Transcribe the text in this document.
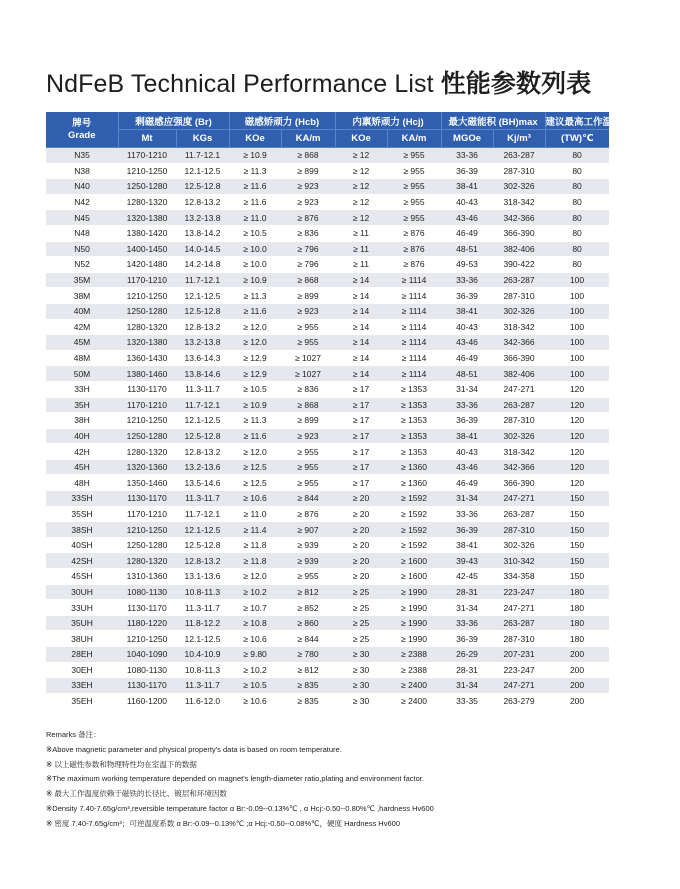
NdFeB Technical Performance List 性能参数列表
牌号
Grade	剩磁感应强度 (Br)		磁感矫顽力 (Hcb)		内禀矫顽力 (Hcj)		最大磁能积 (BH)max		建议最高工作温度
	Mt	KGs	KOe	KA/m	KOe	KA/m	MGOe	Kj/m³	(TW)℃
N35	1170-1210	11.7-12.1	≥ 10.9	≥ 868	≥ 12	≥ 955	33-36	263-287	80
N38	1210-1250	12.1-12.5	≥ 11.3	≥ 899	≥ 12	≥ 955	36-39	287-310	80
N40	1250-1280	12.5-12.8	≥ 11.6	≥ 923	≥ 12	≥ 955	38-41	302-326	80
N42	1280-1320	12.8-13.2	≥ 11.6	≥ 923	≥ 12	≥ 955	40-43	318-342	80
N45	1320-1380	13.2-13.8	≥ 11.0	≥ 876	≥ 12	≥ 955	43-46	342-366	80
N48	1380-1420	13.8-14.2	≥ 10.5	≥ 836	≥ 11	≥ 876	46-49	366-390	80
N50	1400-1450	14.0-14.5	≥ 10.0	≥ 796	≥ 11	≥ 876	48-51	382-406	80
N52	1420-1480	14.2-14.8	≥ 10.0	≥ 796	≥ 11	≥ 876	49-53	390-422	80
35M	1170-1210	11.7-12.1	≥ 10.9	≥ 868	≥ 14	≥ 1114	33-36	263-287	100
38M	1210-1250	12.1-12.5	≥ 11.3	≥ 899	≥ 14	≥ 1114	36-39	287-310	100
40M	1250-1280	12.5-12.8	≥ 11.6	≥ 923	≥ 14	≥ 1114	38-41	302-326	100
42M	1280-1320	12.8-13.2	≥ 12.0	≥ 955	≥ 14	≥ 1114	40-43	318-342	100
45M	1320-1380	13.2-13.8	≥ 12.0	≥ 955	≥ 14	≥ 1114	43-46	342-366	100
48M	1360-1430	13.6-14.3	≥ 12.9	≥ 1027	≥ 14	≥ 1114	46-49	366-390	100
50M	1380-1460	13.8-14.6	≥ 12.9	≥ 1027	≥ 14	≥ 1114	48-51	382-406	100
33H	1130-1170	11.3-11.7	≥ 10.5	≥ 836	≥ 17	≥ 1353	31-34	247-271	120
35H	1170-1210	11.7-12.1	≥ 10.9	≥ 868	≥ 17	≥ 1353	33-36	263-287	120
38H	1210-1250	12.1-12.5	≥ 11.3	≥ 899	≥ 17	≥ 1353	36-39	287-310	120
40H	1250-1280	12.5-12.8	≥ 11.6	≥ 923	≥ 17	≥ 1353	38-41	302-326	120
42H	1280-1320	12.8-13.2	≥ 12.0	≥ 955	≥ 17	≥ 1353	40-43	318-342	120
45H	1320-1360	13.2-13.6	≥ 12.5	≥ 955	≥ 17	≥ 1360	43-46	342-366	120
48H	1350-1460	13.5-14.6	≥ 12.5	≥ 955	≥ 17	≥ 1360	46-49	366-390	120
33SH	1130-1170	11.3-11.7	≥ 10.6	≥ 844	≥ 20	≥ 1592	31-34	247-271	150
35SH	1170-1210	11.7-12.1	≥ 11.0	≥ 876	≥ 20	≥ 1592	33-36	263-287	150
38SH	1210-1250	12.1-12.5	≥ 11.4	≥ 907	≥ 20	≥ 1592	36-39	287-310	150
40SH	1250-1280	12.5-12.8	≥ 11.8	≥ 939	≥ 20	≥ 1592	38-41	302-326	150
42SH	1280-1320	12.8-13.2	≥ 11.8	≥ 939	≥ 20	≥ 1600	39-43	310-342	150
45SH	1310-1360	13.1-13.6	≥ 12.0	≥ 955	≥ 20	≥ 1600	42-45	334-358	150
30UH	1080-1130	10.8-11.3	≥ 10.2	≥ 812	≥ 25	≥ 1990	28-31	223-247	180
33UH	1130-1170	11.3-11.7	≥ 10.7	≥ 852	≥ 25	≥ 1990	31-34	247-271	180
35UH	1180-1220	11.8-12.2	≥ 10.8	≥ 860	≥ 25	≥ 1990	33-36	263-287	180
38UH	1210-1250	12.1-12.5	≥ 10.6	≥ 844	≥ 25	≥ 1990	36-39	287-310	180
28EH	1040-1090	10.4-10.9	≥ 9.80	≥ 780	≥ 30	≥ 2388	26-29	207-231	200
30EH	1080-1130	10.8-11.3	≥ 10.2	≥ 812	≥ 30	≥ 2388	28-31	223-247	200
33EH	1130-1170	11.3-11.7	≥ 10.5	≥ 835	≥ 30	≥ 2400	31-34	247-271	200
35EH	1160-1200	11.6-12.0	≥ 10.6	≥ 835	≥ 30	≥ 2400	33-35	263-279	200
Remarks 备注：
※Above magnetic parameter and physical property's data is based on room temperature.
※ 以上磁性参数和物理特性均在室温下的数据
※The maximum working temperature depended on magnet's length-diameter ratio,plating and environment factor.
※ 最大工作温度依赖于磁铁的长径比、镀层和环境因数
※Density 7.40-7.65g/cm³,reversible temperature factor α Br:-0.09--0.13%℃ , α Hcj:-0.50--0.80%℃ ,hardness Hv600
※ 密度 7.40-7.65g/cm³；可逆温度系数 α Br:-0.09--0.13%℃ ;α Hcj:-0.50--0.08%℃，硬度 Hardness Hv600
